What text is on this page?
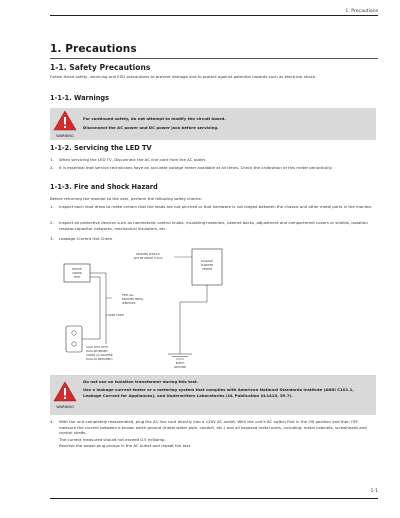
1. Precautions
1. Precautions
1-1. Safety Precautions
Follow these safety, servicing and ESD precautions to prevent damage and to protect against potential hazards such as electrical shock.
1-1-1. Warnings
WARNING
For continued safety, do not attempt to modify the circuit board.
Disconnect the AC power and DC power jack before servicing.
1-1-2. Servicing the LED TV
1. When servicing the LED TV, Disconnect the AC line cord from the AC outlet.
2. It is essential that service technicians have an accurate voltage meter available at all times. Check the calibration of this meter periodically.
1-1-3. Fire and Shock Hazard
Before returning the monitor to the user, perform the following safety checks:
1. Inspect each lead dress to make certain that the leads are not pinched or that hardware is not lodged between the chassis and other metal parts in the monitor.
2. Inspect all protective devices such as nonmetallic control knobs, insulating materials, cabinet backs, adjustment and compartment covers or shields, isolation resistor-capacitor networks, mechanical insulators, etc.
3. Leakage Current Hot Check
DEVICE
UNDER
TEST
READING SHOULD
NOT BE ABOVE 0.5mA
LEAKAGE
CURRENT
TESTER
TEST ALL
EXPOSED METAL
SURFACES
2-WIRE CORD
ALSO TEST WITH
PLUG REVERSED
(USING AC ADAPTER
PLUG AS REQUIRED)
EARTH
GROUND
WARNING
Do not use an isolation transformer during this test.
Use a leakage current tester or a metering system that complies with American National Standards Institute (ANSI C101.1, Leakage Current for Appliances), and Underwriters Laboratories (UL Publication UL1410, 59.7).
4. With the unit completely reassembled, plug the AC line cord directly into a 120V AC outlet. With the unit's AC switch first in the ON position and then OFF, measure the current between a known earth ground (metal water pipe, conduit, etc.) and all exposed metal parts, including: metal cabinets, screwheads and control shafts.
The current measured should not exceed 0.5 milliamp.
Reverse the power-plug prongs in the AC outlet and repeat the test.
1-1
